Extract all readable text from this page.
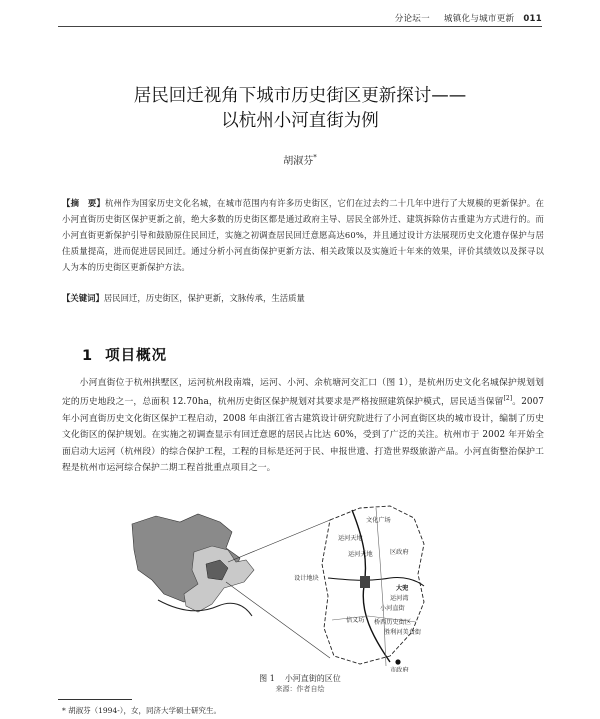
分论坛一 城镇化与城市更新 011
居民回迁视角下城市历史街区更新探讨——
以杭州小河直街为例
胡淑芬*
【摘　要】杭州作为国家历史文化名城，在城市范围内有许多历史街区，它们在过去约二十几年中进行了大规模的更新保护。在小河直街历史街区保护更新之前，绝大多数的历史街区都是通过政府主导、居民全部外迁、建筑拆除仿古重建为方式进行的。而小河直街更新保护引导和鼓励原住民回迁，实施之初调查居民回迁意愿高达60%，并且通过设计方法展现历史文化遗存保护与居住质量提高，进而促进居民回迁。通过分析小河直街保护更新方法、相关政策以及实施近十年来的效果，评价其绩效以及探寻以人为本的历史街区更新保护方法。
【关键词】居民回迁，历史街区，保护更新，文脉传承，生活质量
1 项目概况
小河直街位于杭州拱墅区，运河杭州段南端，运河、小河、余杭塘河交汇口（图 1），是杭州历史文化名城保护规划划定的历史地段之一，总面积 12.70ha，杭州历史街区保护规划对其要求是严格按照建筑保护模式，居民适当保留[2]。2007 年小河直街历史文化街区保护工程启动，2008 年由浙江省古建筑设计研究院进行了小河直街区块的城市设计，编制了历史文化街区的保护规划。在实施之初调查显示有回迁意愿的居民占比达 60%，受到了广泛的关注。杭州市于 2002 年开始全面启动大运河（杭州段）的综合保护工程，工程的目标是还河于民、申报世遗、打造世界级旅游产品。小河直街整治保护工程是杭州市运河综合保护二期工程首批重点项目之一。
文化广场
运河天地
运河天地	区政府
设计地块
大兜
运河湾
小河直街
信义坊 桥西历史街区
胜利河美食街
市政府
图 1 小河直街的区位
来源：作者自绘
* 胡淑芬（1994-），女，同济大学硕士研究生。
